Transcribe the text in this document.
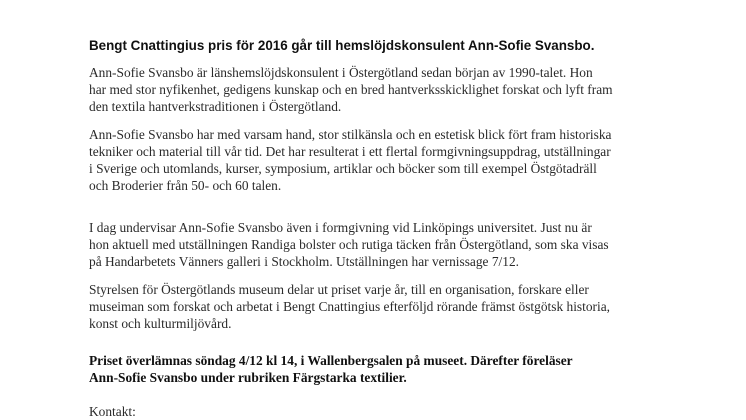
Bengt Cnattingius pris för 2016 går till hemslöjdskonsulent Ann-Sofie Svansbo.

Ann-Sofie Svansbo är länshemslöjdskonsulent i Östergötland sedan början av 1990-talet. Hon
har med stor nyfikenhet, gedigens kunskap och en bred hantverksskicklighet forskat och lyft fram
den textila hantverkstraditionen i Östergötland.

Ann-Sofie Svansbo har med varsam hand, stor stilkänsla och en estetisk blick fört fram historiska
tekniker och material till vår tid. Det har resulterat i ett flertal formgivningsuppdrag, utställningar
i Sverige och utomlands, kurser, symposium, artiklar och böcker som till exempel Östgötadräll
och Broderier från 50- och 60 talen.

I dag undervisar Ann-Sofie Svansbo även i formgivning vid Linköpings universitet. Just nu är
hon aktuell med utställningen Randiga bolster och rutiga täcken från Östergötland, som ska visas
på Handarbetets Vänners galleri i Stockholm. Utställningen har vernissage 7/12.

Styrelsen för Östergötlands museum delar ut priset varje år, till en organisation, forskare eller
museiman som forskat och arbetat i Bengt Cnattingius efterföljd rörande främst östgötsk historia,
konst och kulturmiljövård.

Priset överlämnas söndag 4/12 kl 14, i Wallenbergsalen på museet. Därefter föreläser
Ann-Sofie Svansbo under rubriken Färgstarka textilier.

Kontakt:
